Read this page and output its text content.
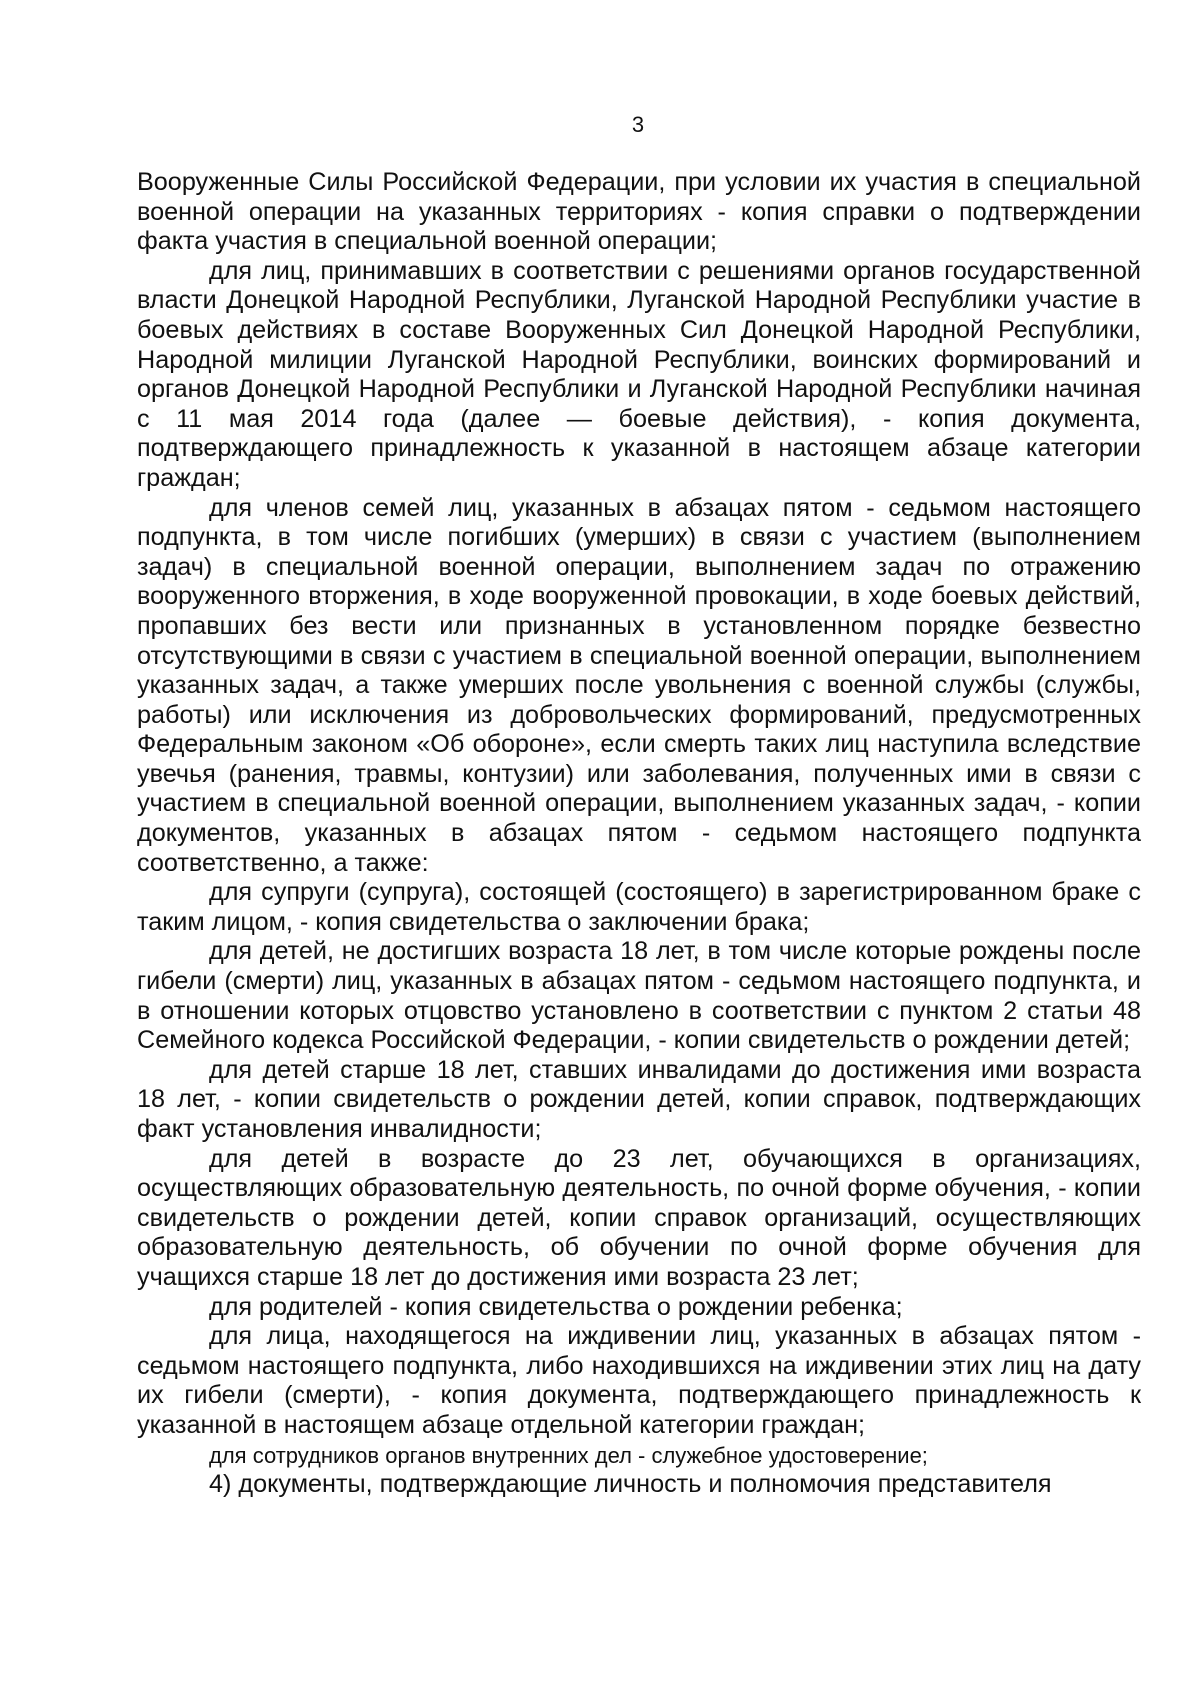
3

Вооруженные Силы Российской Федерации, при условии их участия в специальной военной операции на указанных территориях - копия справки о подтверждении факта участия в специальной военной операции;

для лиц, принимавших в соответствии с решениями органов государственной власти Донецкой Народной Республики, Луганской Народной Республики участие в боевых действиях в составе Вооруженных Сил Донецкой Народной Республики, Народной милиции Луганской Народной Республики, воинских формирований и органов Донецкой Народной Республики и Луганской Народной Республики начиная с 11 мая 2014 года (далее — боевые действия), - копия документа, подтверждающего принадлежность к указанной в настоящем абзаце категории граждан;

для членов семей лиц, указанных в абзацах пятом - седьмом настоящего подпункта, в том числе погибших (умерших) в связи с участием (выполнением задач) в специальной военной операции, выполнением задач по отражению вооруженного вторжения, в ходе вооруженной провокации, в ходе боевых действий, пропавших без вести или признанных в установленном порядке безвестно отсутствующими в связи с участием в специальной военной операции, выполнением указанных задач, а также умерших после увольнения с военной службы (службы, работы) или исключения из добровольческих формирований, предусмотренных Федеральным законом «Об обороне», если смерть таких лиц наступила вследствие увечья (ранения, травмы, контузии) или заболевания, полученных ими в связи с участием в специальной военной операции, выполнением указанных задач, - копии документов, указанных в абзацах пятом - седьмом настоящего подпункта соответственно, а также:

для супруги (супруга), состоящей (состоящего) в зарегистрированном браке с таким лицом, - копия свидетельства о заключении брака;

для детей, не достигших возраста 18 лет, в том числе которые рождены после гибели (смерти) лиц, указанных в абзацах пятом - седьмом настоящего подпункта, и в отношении которых отцовство установлено в соответствии с пунктом 2 статьи 48 Семейного кодекса Российской Федерации, - копии свидетельств о рождении детей;

для детей старше 18 лет, ставших инвалидами до достижения ими возраста 18 лет, - копии свидетельств о рождении детей, копии справок, подтверждающих факт установления инвалидности;

для детей в возрасте до 23 лет, обучающихся в организациях, осуществляющих образовательную деятельность, по очной форме обучения, - копии свидетельств о рождении детей, копии справок организаций, осуществляющих образовательную деятельность, об обучении по очной форме обучения для учащихся старше 18 лет до достижения ими возраста 23 лет;

для родителей - копия свидетельства о рождении ребенка;

для лица, находящегося на иждивении лиц, указанных в абзацах пятом - седьмом настоящего подпункта, либо находившихся на иждивении этих лиц на дату их гибели (смерти), - копия документа, подтверждающего принадлежность к указанной в настоящем абзаце отдельной категории граждан;

для сотрудников органов внутренних дел - служебное удостоверение;

4) документы, подтверждающие личность и полномочия представителя
